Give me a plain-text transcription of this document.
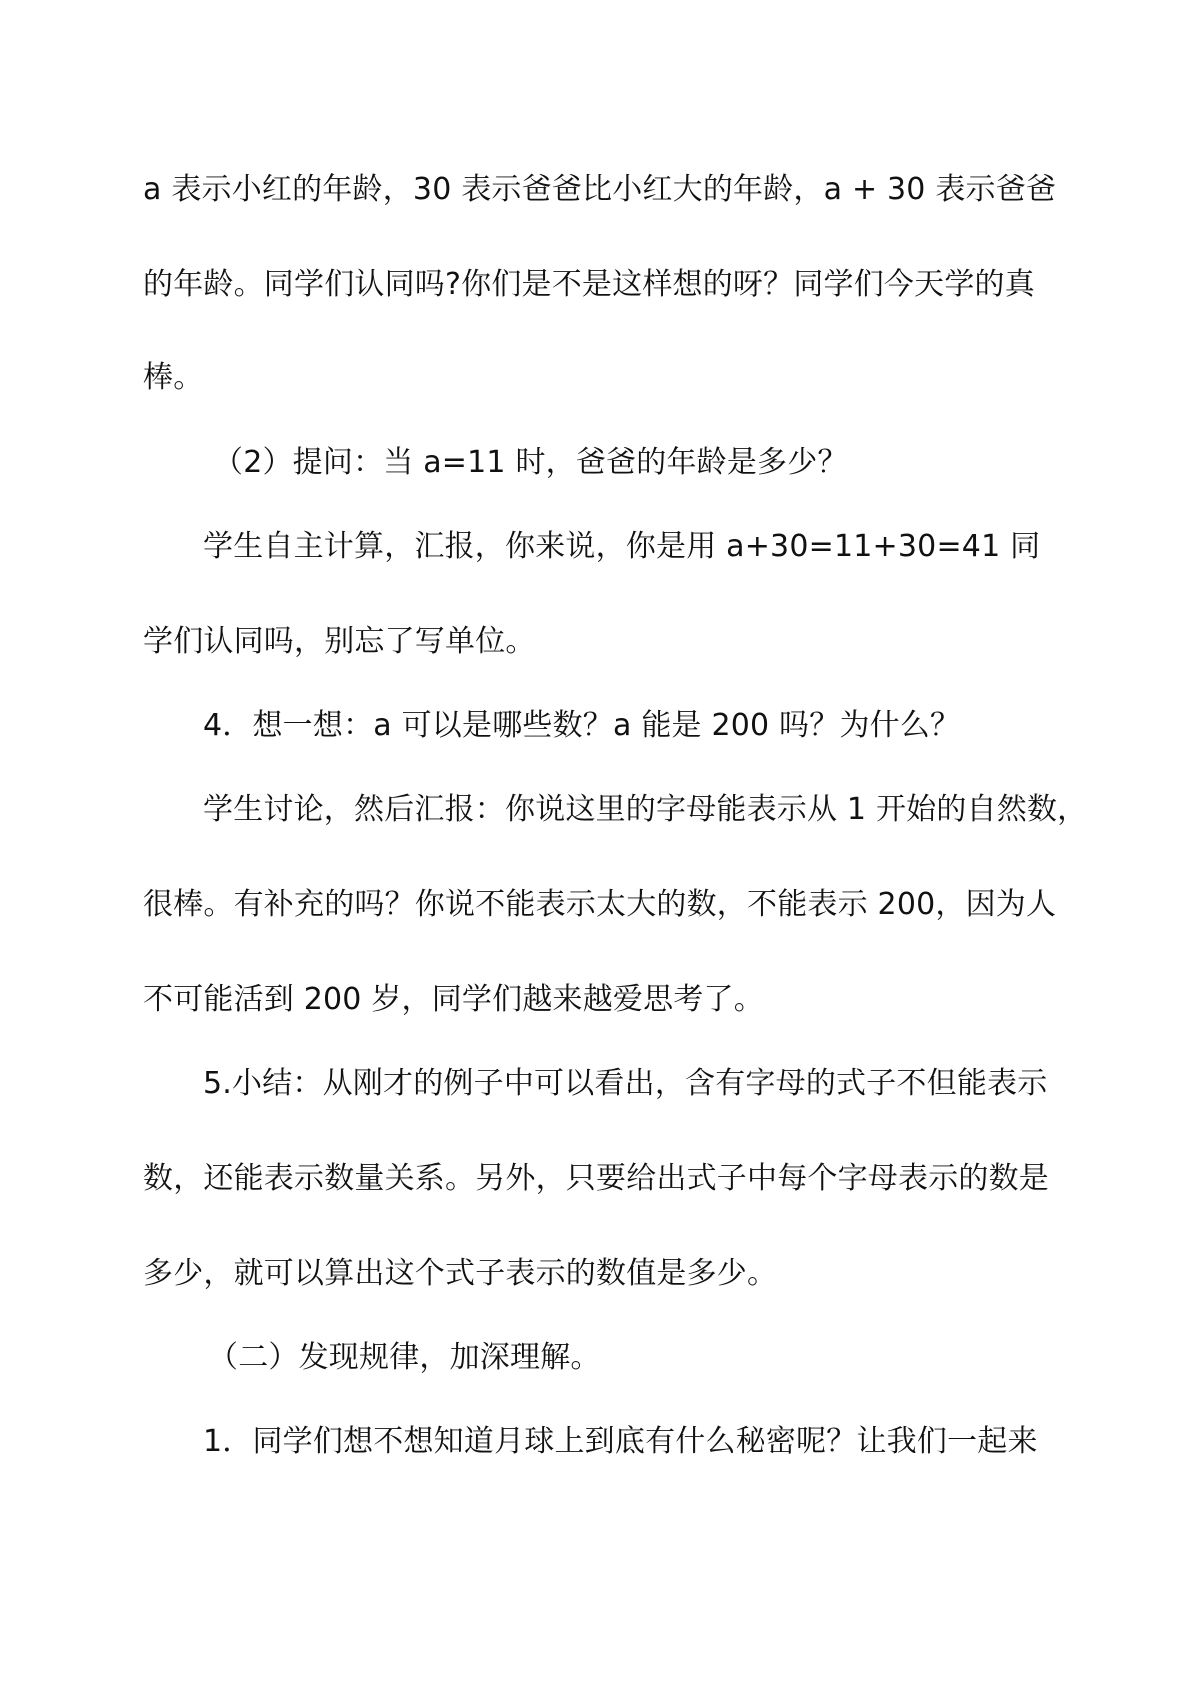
a 表示小红的年龄，30 表示爸爸比小红大的年龄，a + 30 表示爸爸
的年龄。同学们认同吗?你们是不是这样想的呀？同学们今天学的真
棒。
（2）提问：当 a=11 时，爸爸的年龄是多少？
学生自主计算，汇报，你来说，你是用 a+30=11+30=41 同
学们认同吗，别忘了写单位。
4．想一想：a 可以是哪些数？a 能是 200 吗？为什么？
学生讨论，然后汇报：你说这里的字母能表示从 1 开始的自然数，
很棒。有补充的吗？你说不能表示太大的数，不能表示 200，因为人
不可能活到 200 岁，同学们越来越爱思考了。
5.小结：从刚才的例子中可以看出，含有字母的式子不但能表示
数，还能表示数量关系。另外，只要给出式子中每个字母表示的数是
多少，就可以算出这个式子表示的数值是多少。
（二）发现规律，加深理解。
1．同学们想不想知道月球上到底有什么秘密呢？让我们一起来
